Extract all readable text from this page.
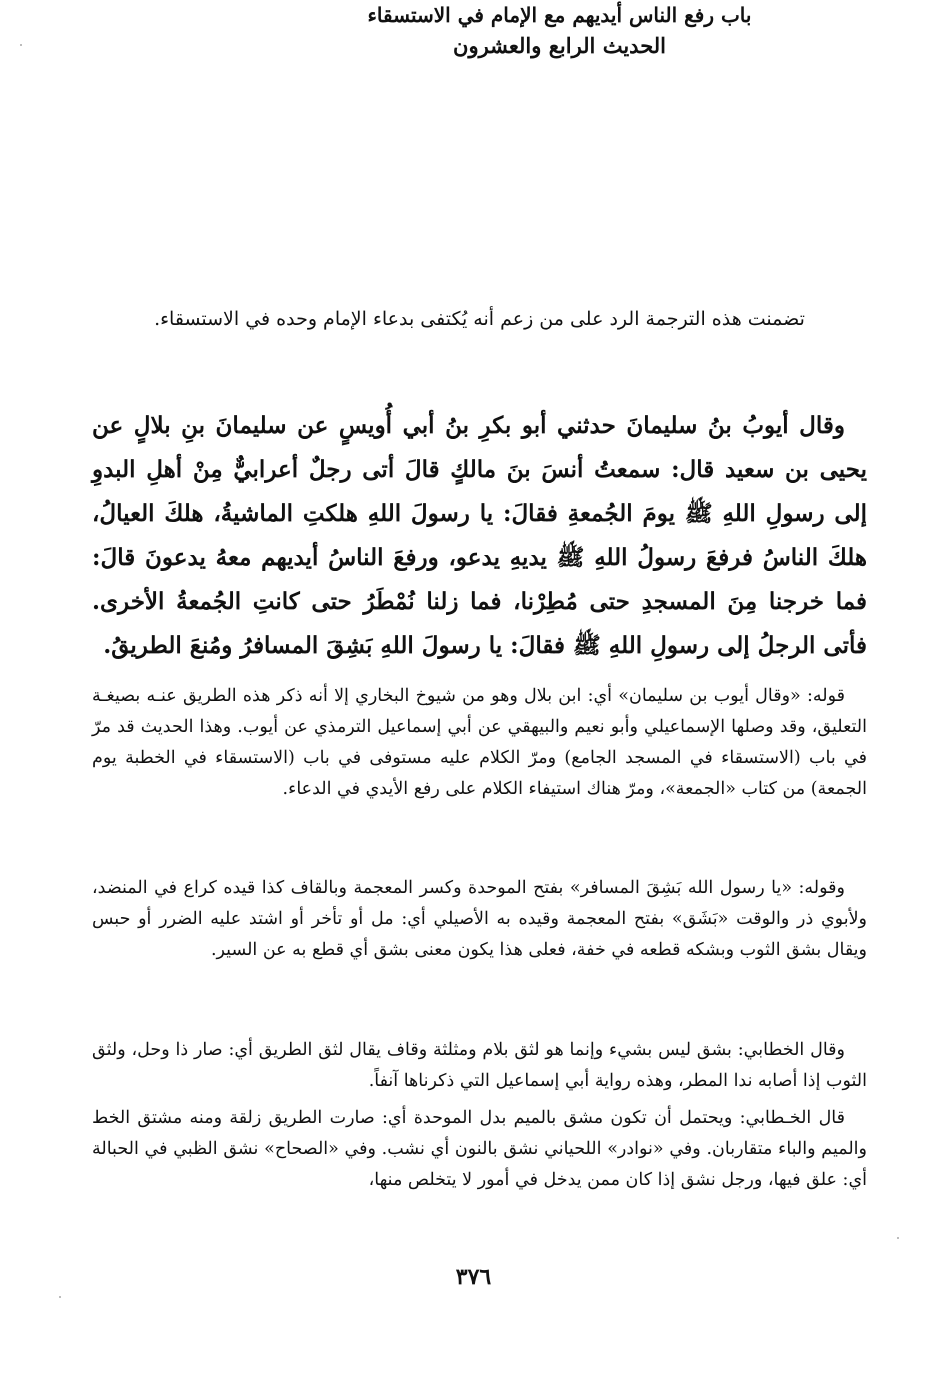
باب رفع الناس أيديهم مع الإمام في الاستسقاء
تضمنت هذه الترجمة الرد على من زعم أنه يُكتفى بدعاء الإمام وحده في الاستسقاء.
الحديث الرابع والعشرون

وقال أيوبُ بنُ سليمانَ حدثني أبو بكرِ بنُ أبي أُويسٍ عن سليمانَ بنِ بلالٍ عن يحيى بن سعيد قال: سمعتُ أنسَ بنَ مالكٍ قالَ أتى رجلٌ أعرابيٌّ مِنْ أهلِ البدوِ إلى رسولِ اللهِ ﷺ يومَ الجُمعةِ فقالَ: يا رسولَ اللهِ هلكتِ الماشيةُ، هلكَ العيالُ، هلكَ الناسُ فرفعَ رسولُ اللهِ ﷺ يديهِ يدعو، ورفعَ الناسُ أيديهم معهُ يدعونَ قالَ: فما خرجنا مِنَ المسجدِ حتى مُطِرْنا، فما زلنا نُمْطَرُ حتى كانتِ الجُمعةُ الأخرى. فأتى الرجلُ إلى رسولِ اللهِ ﷺ فقالَ: يا رسولَ اللهِ بَشِقَ المسافرُ ومُنعَ الطريقُ.

قوله: «وقال أيوب بن سليمان» أي: ابن بلال وهو من شيوخ البخاري إلا أنه ذكر هذه الطريق عنـه بصيغـة التعليق، وقد وصلها الإسماعيلي وأبو نعيم والبيهقي عن أبي إسماعيل الترمذي عن أيوب. وهذا الحديث قد مرّ في باب (الاستسقاء في المسجد الجامع) ومرّ الكلام عليه مستوفى في باب (الاستسقاء في الخطبة يوم الجمعة) من كتاب «الجمعة»، ومرّ هناك استيفاء الكلام على رفع الأيدي في الدعاء.

وقوله: «يا رسول الله بَشِقَ المسافر» بفتح الموحدة وكسر المعجمة وبالقاف كذا قيده كراع في المنضد، ولأبوي ذر والوقت «بَشَق» بفتح المعجمة وقيده به الأصيلي أي: مل أو تأخر أو اشتد عليه الضرر أو حبس ويقال بشق الثوب وبشكه قطعه في خفة، فعلى هذا يكون معنى بشق أي قطع به عن السير.

وقال الخطابي: بشق ليس بشيء وإنما هو لثق بلام ومثلثة وقاف يقال لثق الطريق أي: صار ذا وحل، ولثق الثوب إذا أصابه ندا المطر، وهذه رواية أبي إسماعيل التي ذكرناها آنفاً.

قال الخـطابي: ويحتمل أن تكون مشق بالميم بدل الموحدة أي: صارت الطريق زلقة ومنه مشتق الخط والميم والباء متقاربان. وفي «نوادر» اللحياني نشق بالنون أي نشب. وفي «الصحاح» نشق الظبي في الحبالة أي: علق فيها، ورجل نشق إذا كان ممن يدخل في أمور لا يتخلص منها،

٣٧٦
